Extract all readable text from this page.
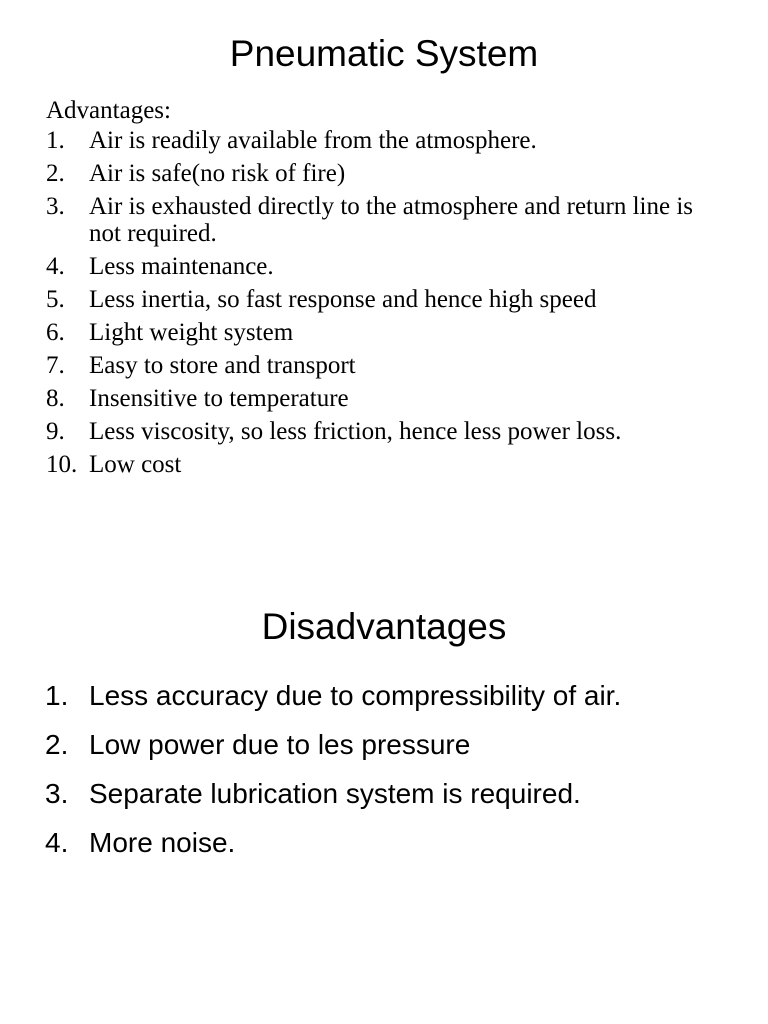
Pneumatic System
Advantages:
1. Air is readily available from the atmosphere.
2. Air is safe(no risk of fire)
3. Air is exhausted directly to the atmosphere and return line is not required.
4. Less maintenance.
5. Less inertia, so fast response and hence high speed
6. Light weight system
7. Easy to store and transport
8. Insensitive to temperature
9. Less viscosity, so less friction, hence less power loss.
10. Low cost
Disadvantages
1. Less accuracy due to compressibility of air.
2. Low power due to les pressure
3. Separate lubrication system is required.
4. More noise.
